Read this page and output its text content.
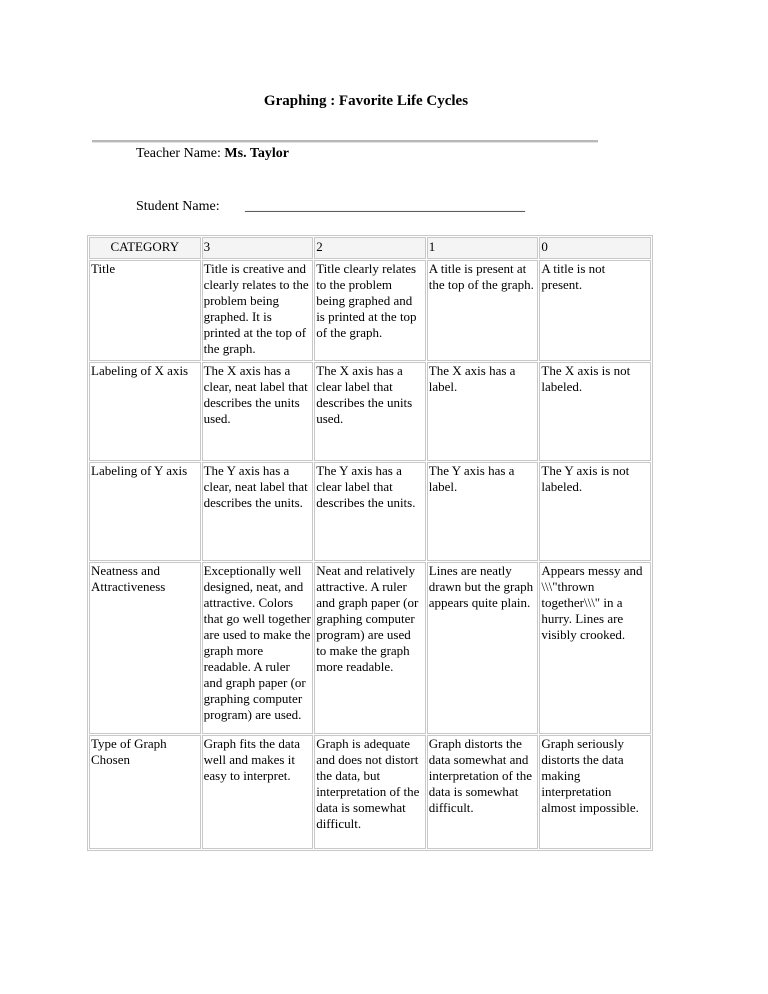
Graphing : Favorite Life Cycles
Teacher Name: Ms. Taylor
Student Name: ________________________________________
CATEGORY	3	2	1	0
Title	Title is creative and clearly relates to the problem being graphed. It is printed at the top of the graph.	Title clearly relates to the problem being graphed and is printed at the top of the graph.	A title is present at the top of the graph.	A title is not present.
Labeling of X axis	The X axis has a clear, neat label that describes the units used.	The X axis has a clear label that describes the units used.	The X axis has a label.	The X axis is not labeled.
Labeling of Y axis	The Y axis has a clear, neat label that describes the units.	The Y axis has a clear label that describes the units.	The Y axis has a label.	The Y axis is not labeled.
Neatness and Attractiveness	Exceptionally well designed, neat, and attractive. Colors that go well together are used to make the graph more readable. A ruler and graph paper (or graphing computer program) are used.	Neat and relatively attractive. A ruler and graph paper (or graphing computer program) are used to make the graph more readable.	Lines are neatly drawn but the graph appears quite plain.	Appears messy and \\\"thrown together\\\" in a hurry. Lines are visibly crooked.
Type of Graph Chosen	Graph fits the data well and makes it easy to interpret.	Graph is adequate and does not distort the data, but interpretation of the data is somewhat difficult.	Graph distorts the data somewhat and interpretation of the data is somewhat difficult.	Graph seriously distorts the data making interpretation almost impossible.
